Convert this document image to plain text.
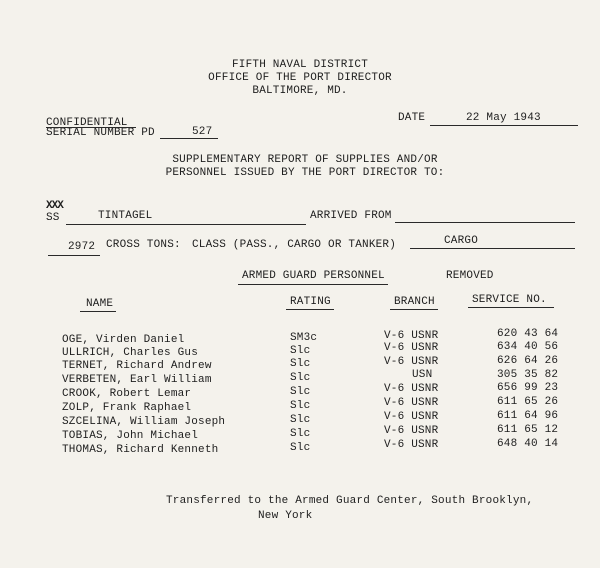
FIFTH NAVAL DISTRICT
OFFICE OF THE PORT DIRECTOR
BALTIMORE, MD.
CONFIDENTIAL
SERIAL NUMBER PD	527
DATE	22 May 1943
SUPPLEMENTARY REPORT OF SUPPLIES AND/OR
PERSONNEL ISSUED BY THE PORT DIRECTOR TO:
XXX
SS	TINTAGEL	ARRIVED FROM
2972 CROSS TONS: CLASS (PASS., CARGO OR TANKER)	CARGO
ARMED GUARD PERSONNEL	REMOVED
NAME	RATING	BRANCH	SERVICE NO.
OGE, Virden Daniel	SM3c	V-6 USNR	620 43 64
ULLRICH, Charles Gus	Slc	V-6 USNR	634 40 56
TERNET, Richard Andrew	Slc	V-6 USNR	626 64 26
VERBETEN, Earl William	Slc	USN	305 35 82
CROOK, Robert Lemar	Slc	V-6 USNR	656 99 23
ZOLP, Frank Raphael	Slc	V-6 USNR	611 65 26
SZCELINA, William Joseph	Slc	V-6 USNR	611 64 96
TOBIAS, John Michael	Slc	V-6 USNR	611 65 12
THOMAS, Richard Kenneth	Slc	V-6 USNR	648 40 14
Transferred to the Armed Guard Center, South Brooklyn,
New York
